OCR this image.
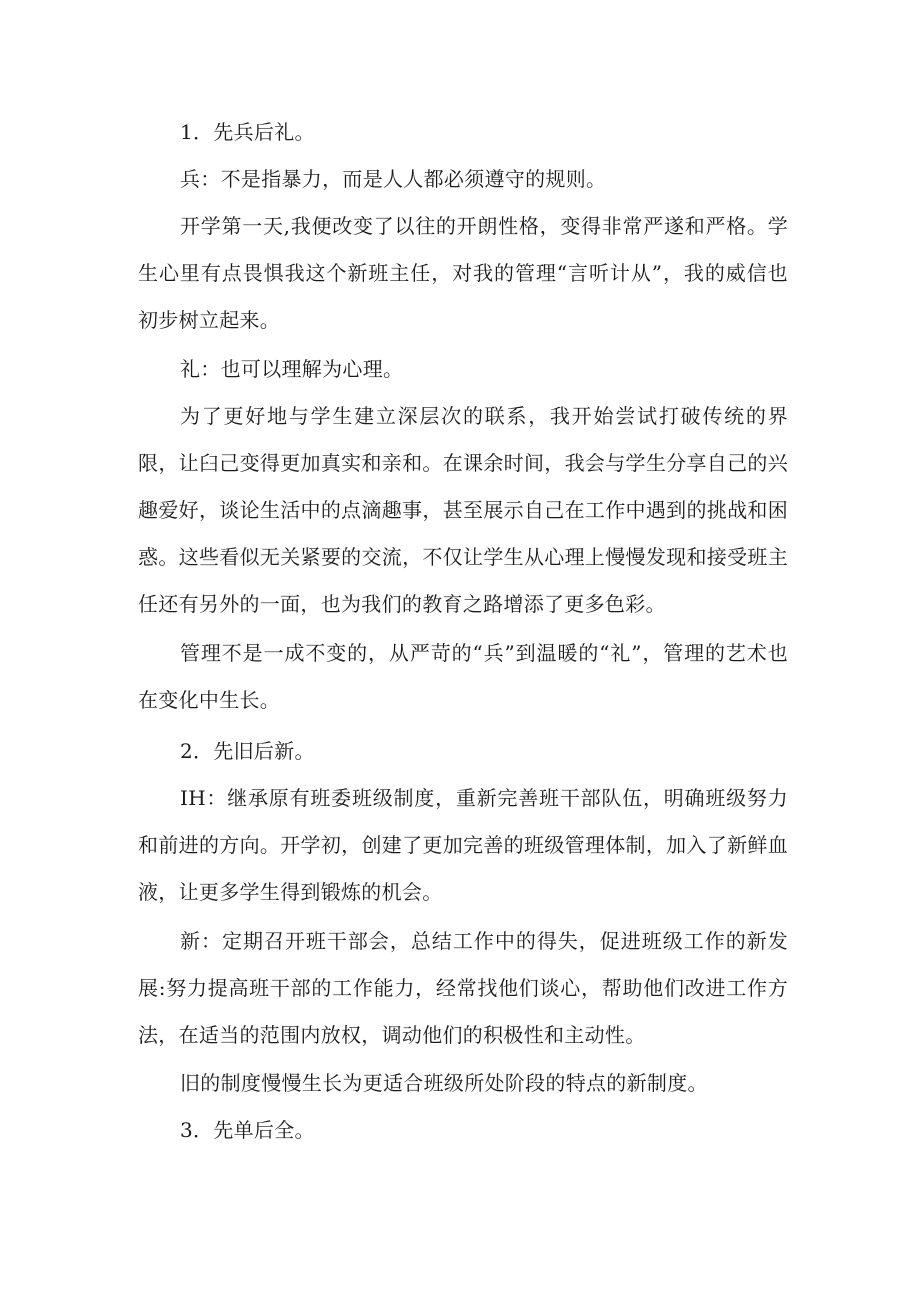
1．先兵后礼。

兵：不是指暴力，而是人人都必须遵守的规则。

开学第一天,我便改变了以往的开朗性格，变得非常严遂和严格。学生心里有点畏惧我这个新班主任，对我的管理“言听计从”，我的威信也初步树立起来。

礼：也可以理解为心理。

为了更好地与学生建立深层次的联系，我开始尝试打破传统的界限，让臼己变得更加真实和亲和。在课余时间，我会与学生分享自己的兴趣爱好，谈论生活中的点滴趣事，甚至展示自己在工作中遇到的挑战和困惑。这些看似无关紧要的交流，不仅让学生从心理上慢慢发现和接受班主任还有另外的一面，也为我们的教育之路增添了更多色彩。

管理不是一成不变的，从严苛的“兵”到温暖的“礼”，管理的艺术也在变化中生长。

2．先旧后新。

IH：继承原有班委班级制度，重新完善班干部队伍，明确班级努力和前进的方向。开学初，创建了更加完善的班级管理体制，加入了新鲜血液，让更多学生得到锻炼的机会。

新：定期召开班干部会，总结工作中的得失，促进班级工作的新发展:努力提高班干部的工作能力，经常找他们谈心，帮助他们改进工作方法，在适当的范围内放权，调动他们的积极性和主动性。

旧的制度慢慢生长为更适合班级所处阶段的特点的新制度。

3．先单后全。
